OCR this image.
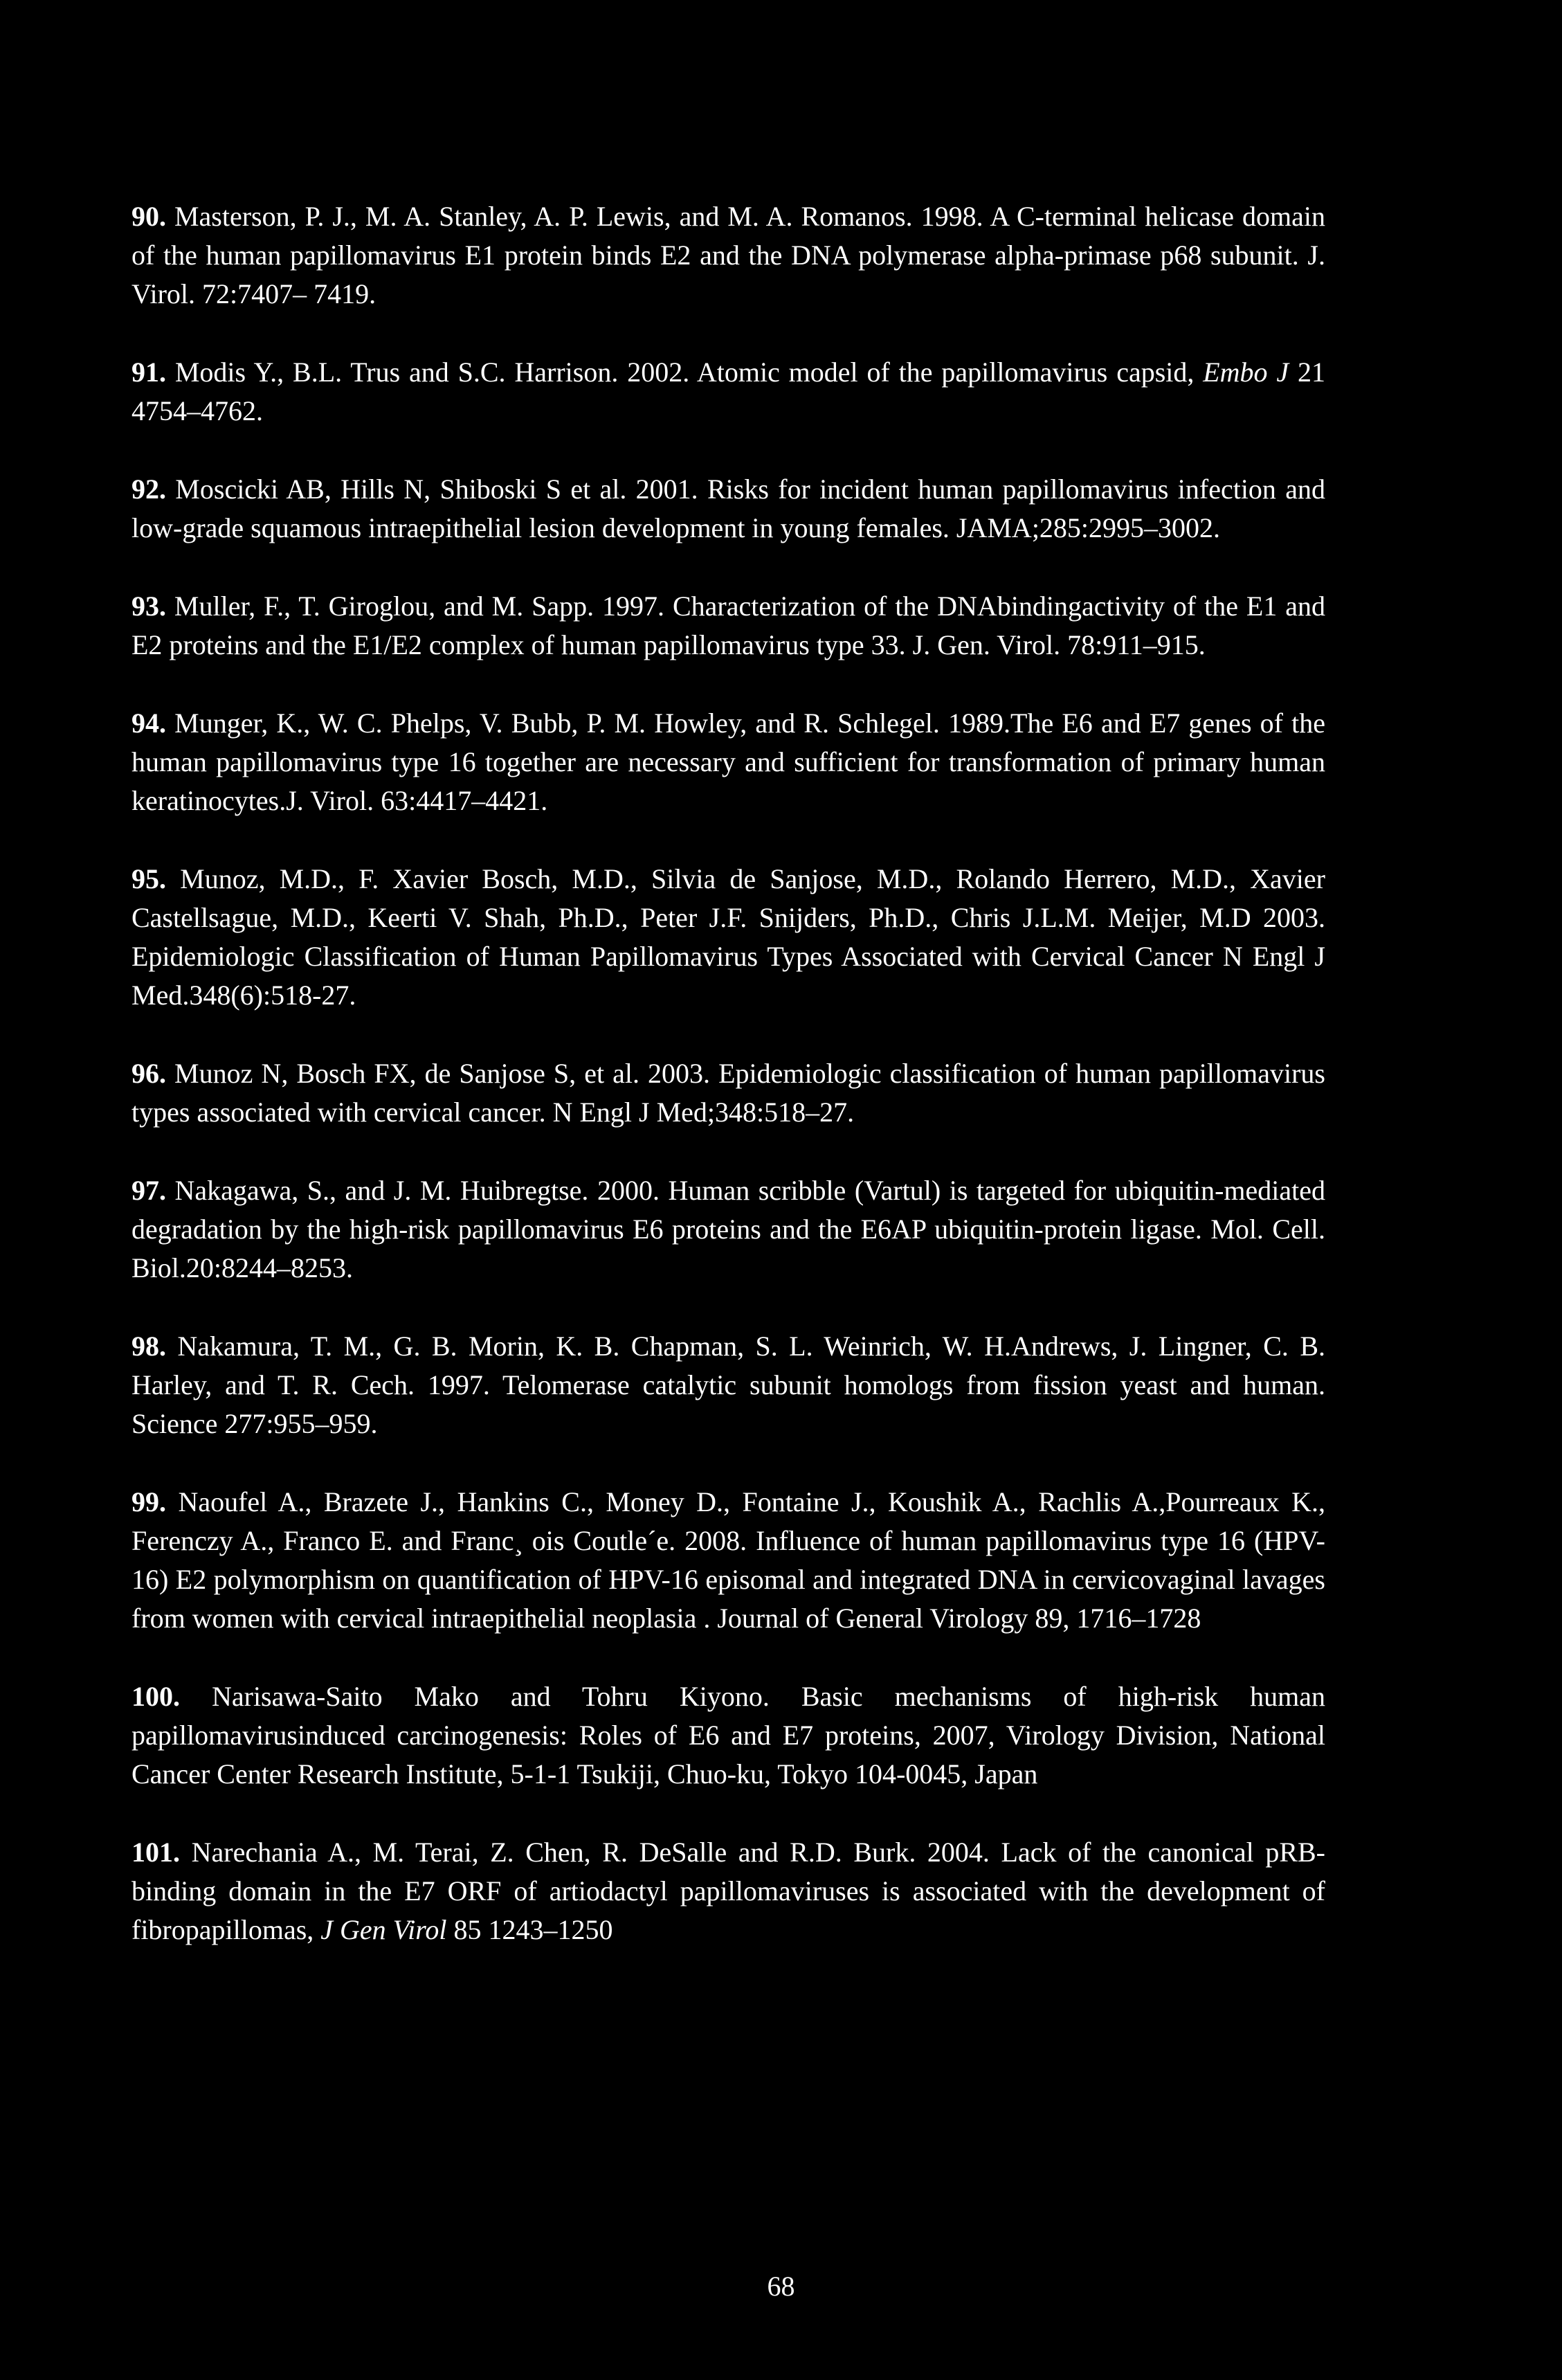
90. Masterson, P. J., M. A. Stanley, A. P. Lewis, and M. A. Romanos. 1998. A C-terminal helicase domain of the human papillomavirus E1 protein binds E2 and the DNA polymerase alpha-primase p68 subunit. J. Virol. 72:7407– 7419.

91. Modis Y., B.L. Trus and S.C. Harrison. 2002. Atomic model of the papillomavirus capsid, Embo J 21 4754–4762.

92. Moscicki AB, Hills N, Shiboski S et al. 2001. Risks for incident human papillomavirus infection and low-grade squamous intraepithelial lesion development in young females. JAMA;285:2995–3002.

93. Muller, F., T. Giroglou, and M. Sapp. 1997. Characterization of the DNAbindingactivity of the E1 and E2 proteins and the E1/E2 complex of human papillomavirus type 33. J. Gen. Virol. 78:911–915.

94. Munger, K., W. C. Phelps, V. Bubb, P. M. Howley, and R. Schlegel. 1989.The E6 and E7 genes of the human papillomavirus type 16 together are necessary and sufficient for transformation of primary human keratinocytes.J. Virol. 63:4417–4421.

95. Munoz, M.D., F. Xavier Bosch, M.D., Silvia de Sanjose, M.D., Rolando Herrero, M.D., Xavier Castellsague, M.D., Keerti V. Shah, Ph.D., Peter J.F. Snijders, Ph.D., Chris J.L.M. Meijer, M.D 2003. Epidemiologic Classification of Human Papillomavirus Types Associated with Cervical Cancer N Engl J Med.348(6):518-27.

96. Munoz N, Bosch FX, de Sanjose S, et al. 2003. Epidemiologic classification of human papillomavirus types associated with cervical cancer. N Engl J Med;348:518–27.

97. Nakagawa, S., and J. M. Huibregtse. 2000. Human scribble (Vartul) is targeted for ubiquitin-mediated degradation by the high-risk papillomavirus E6 proteins and the E6AP ubiquitin-protein ligase. Mol. Cell. Biol.20:8244–8253.

98. Nakamura, T. M., G. B. Morin, K. B. Chapman, S. L. Weinrich, W. H.Andrews, J. Lingner, C. B. Harley, and T. R. Cech. 1997. Telomerase catalytic subunit homologs from fission yeast and human. Science 277:955–959.

99. Naoufel A., Brazete J., Hankins C., Money D., Fontaine J., Koushik A., Rachlis A.,Pourreaux K., Ferenczy A., Franco E. and Franc¸ ois Coutle´e. 2008. Influence of human papillomavirus type 16 (HPV-16) E2 polymorphism on quantification of HPV-16 episomal and integrated DNA in cervicovaginal lavages from women with cervical intraepithelial neoplasia . Journal of General Virology 89, 1716–1728

100. Narisawa-Saito Mako and Tohru Kiyono. Basic mechanisms of high-risk human papillomavirusinduced carcinogenesis: Roles of E6 and E7 proteins, 2007, Virology Division, National Cancer Center Research Institute, 5-1-1 Tsukiji, Chuo-ku, Tokyo 104-0045, Japan

101. Narechania A., M. Terai, Z. Chen, R. DeSalle and R.D. Burk. 2004. Lack of the canonical pRB-binding domain in the E7 ORF of artiodactyl papillomaviruses is associated with the development of fibropapillomas, J Gen Virol 85 1243–1250

68
